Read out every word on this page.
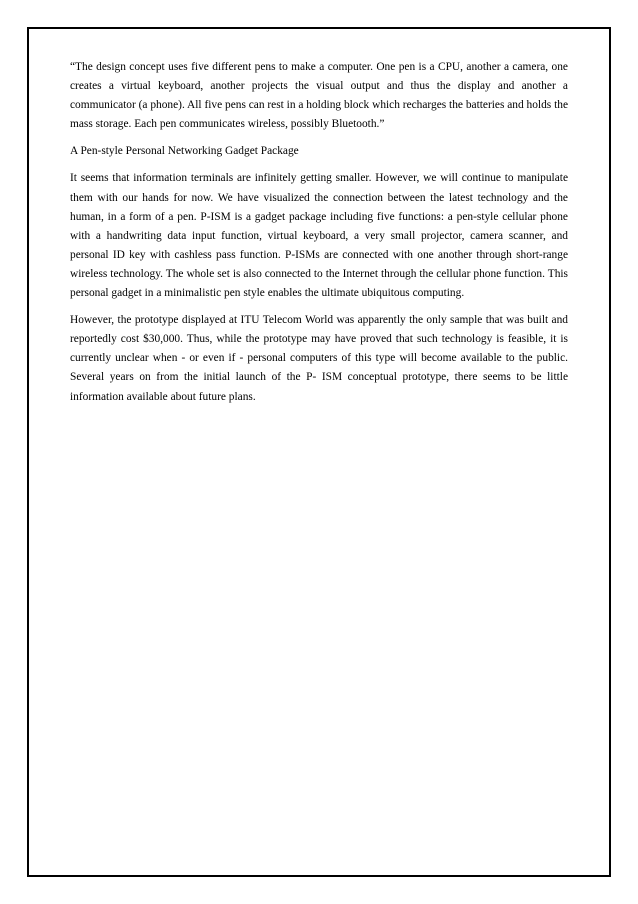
“The design concept uses five different pens to make a computer. One pen is a CPU, another a camera, one creates a virtual keyboard, another projects the visual output and thus the display and another a communicator (a phone). All five pens can rest in a holding block which recharges the batteries and holds the mass storage. Each pen communicates wireless, possibly Bluetooth.”

A Pen-style Personal Networking Gadget Package

It seems that information terminals are infinitely getting smaller. However, we will continue to manipulate them with our hands for now. We have visualized the connection between the latest technology and the human, in a form of a pen. P-ISM is a gadget package including five functions: a pen-style cellular phone with a handwriting data input function, virtual keyboard, a very small projector, camera scanner, and personal ID key with cashless pass function. P-ISMs are connected with one another through short-range wireless technology. The whole set is also connected to the Internet through the cellular phone function. This personal gadget in a minimalistic pen style enables the ultimate ubiquitous computing.

However, the prototype displayed at ITU Telecom World was apparently the only sample that was built and reportedly cost $30,000. Thus, while the prototype may have proved that such technology is feasible, it is currently unclear when - or even if - personal computers of this type will become available to the public. Several years on from the initial launch of the P- ISM conceptual prototype, there seems to be little information available about future plans.
